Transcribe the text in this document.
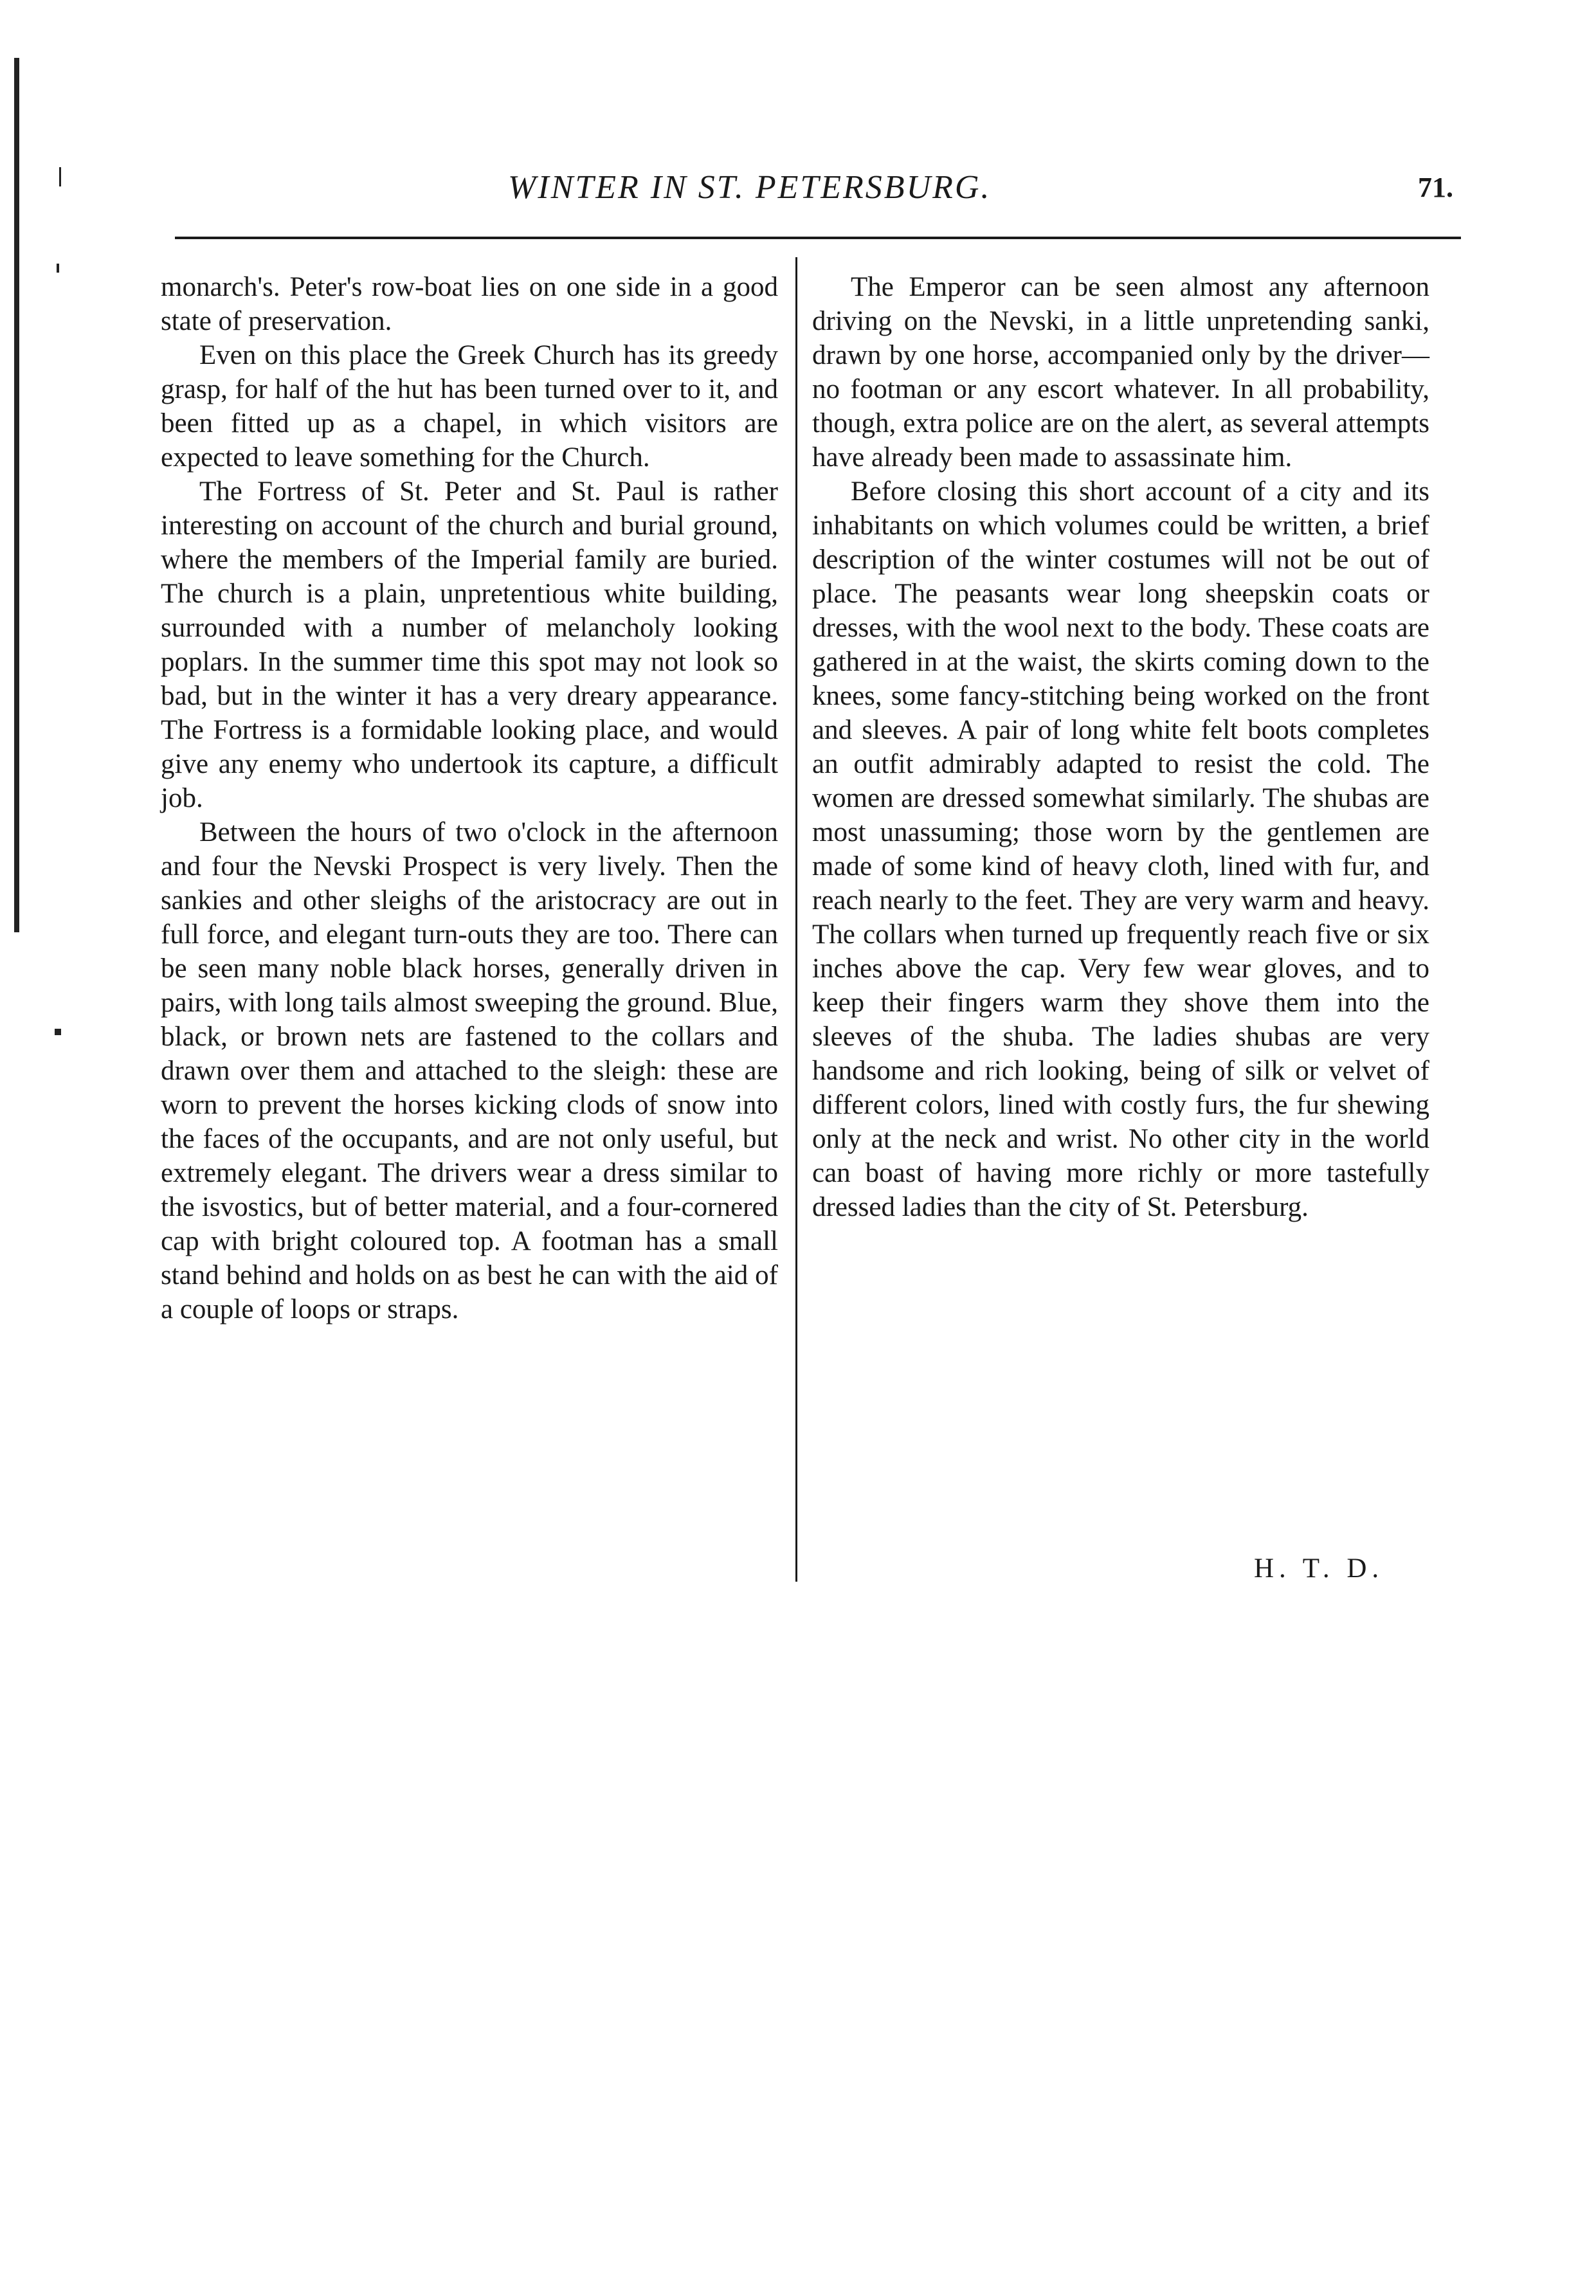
WINTER IN ST. PETERSBURG.	71.

monarch's. Peter's row-boat lies on one side in a good state of preservation.

Even on this place the Greek Church has its greedy grasp, for half of the hut has been turned over to it, and been fitted up as a chapel, in which visitors are expected to leave something for the Church.

The Fortress of St. Peter and St. Paul is rather interesting on account of the church and burial ground, where the members of the Imperial family are buried. The church is a plain, unpretentious white building, surrounded with a number of melancholy looking poplars. In the summer time this spot may not look so bad, but in the winter it has a very dreary appearance. The Fortress is a formidable looking place, and would give any enemy who undertook its capture, a difficult job.

Between the hours of two o'clock in the afternoon and four the Nevski Prospect is very lively. Then the sankies and other sleighs of the aristocracy are out in full force, and elegant turn-outs they are too. There can be seen many noble black horses, generally driven in pairs, with long tails almost sweeping the ground. Blue, black, or brown nets are fastened to the collars and drawn over them and attached to the sleigh: these are worn to prevent the horses kicking clods of snow into the faces of the occupants, and are not only useful, but extremely elegant. The drivers wear a dress similar to the isvostics, but of better material, and a four-cornered cap with bright coloured top. A footman has a small stand behind and holds on as best he can with the aid of a couple of loops or straps.

The Emperor can be seen almost any afternoon driving on the Nevski, in a little unpretending sanki, drawn by one horse, accompanied only by the driver—no footman or any escort whatever. In all probability, though, extra police are on the alert, as several attempts have already been made to assassinate him.

Before closing this short account of a city and its inhabitants on which volumes could be written, a brief description of the winter costumes will not be out of place. The peasants wear long sheepskin coats or dresses, with the wool next to the body. These coats are gathered in at the waist, the skirts coming down to the knees, some fancy-stitching being worked on the front and sleeves. A pair of long white felt boots completes an outfit admirably adapted to resist the cold. The women are dressed somewhat similarly. The shubas are most unassuming; those worn by the gentlemen are made of some kind of heavy cloth, lined with fur, and reach nearly to the feet. They are very warm and heavy. The collars when turned up frequently reach five or six inches above the cap. Very few wear gloves, and to keep their fingers warm they shove them into the sleeves of the shuba. The ladies shubas are very handsome and rich looking, being of silk or velvet of different colors, lined with costly furs, the fur shewing only at the neck and wrist. No other city in the world can boast of having more richly or more tastefully dressed ladies than the city of St. Petersburg.

H. T. D.
